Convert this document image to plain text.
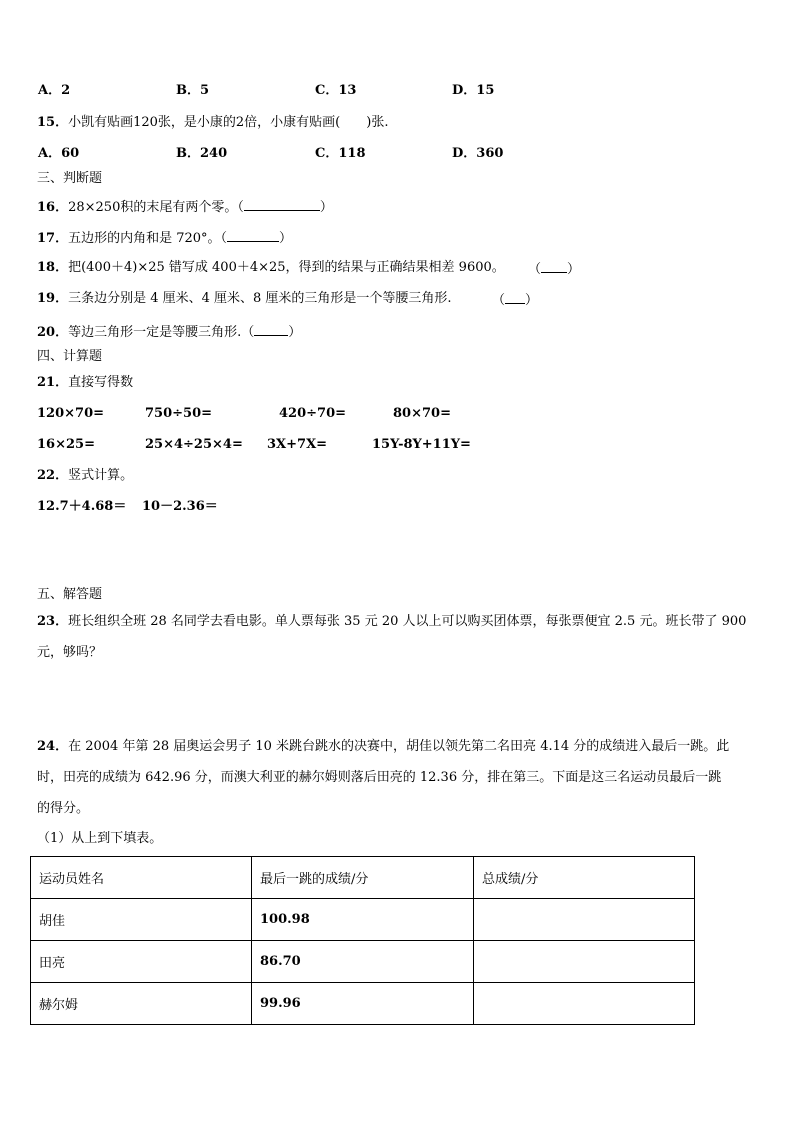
A．2	B．5	C．13	D．15
15．小凯有贴画120张，是小康的2倍，小康有贴画( )张.
A．60	B．240	C．118	D．360
三、判断题
16．28×250积的末尾有两个零。（	）
17．五边形的内角和是 720°。（	）
18．把(400＋4)×25 错写成 400＋4×25，得到的结果与正确结果相差 9600。 （ ）
19．三条边分别是 4 厘米、4 厘米、8 厘米的三角形是一个等腰三角形.	（ ）
20．等边三角形一定是等腰三角形.（	）
四、计算题
21．直接写得数
120×70=	750÷50=	420÷70=	80×70=
16×25=	25×4÷25×4= 3X+7X=	15Y-8Y+11Y=
22．竖式计算。
12.7＋4.68＝ 10－2.36＝
五、解答题
23．班长组织全班 28 名同学去看电影。单人票每张 35 元 20 人以上可以购买团体票，每张票便宜 2.5 元。班长带了 900
元，够吗？
24．在 2004 年第 28 届奥运会男子 10 米跳台跳水的决赛中，胡佳以领先第二名田亮 4.14 分的成绩进入最后一跳。此
时，田亮的成绩为 642.96 分，而澳大利亚的赫尔姆则落后田亮的 12.36 分，排在第三。下面是这三名运动员最后一跳
的得分。
（1）从上到下填表。
运动员姓名	最后一跳的成绩/分	总成绩/分
胡佳	100.98	
田亮	86.70	
赫尔姆	99.96	
